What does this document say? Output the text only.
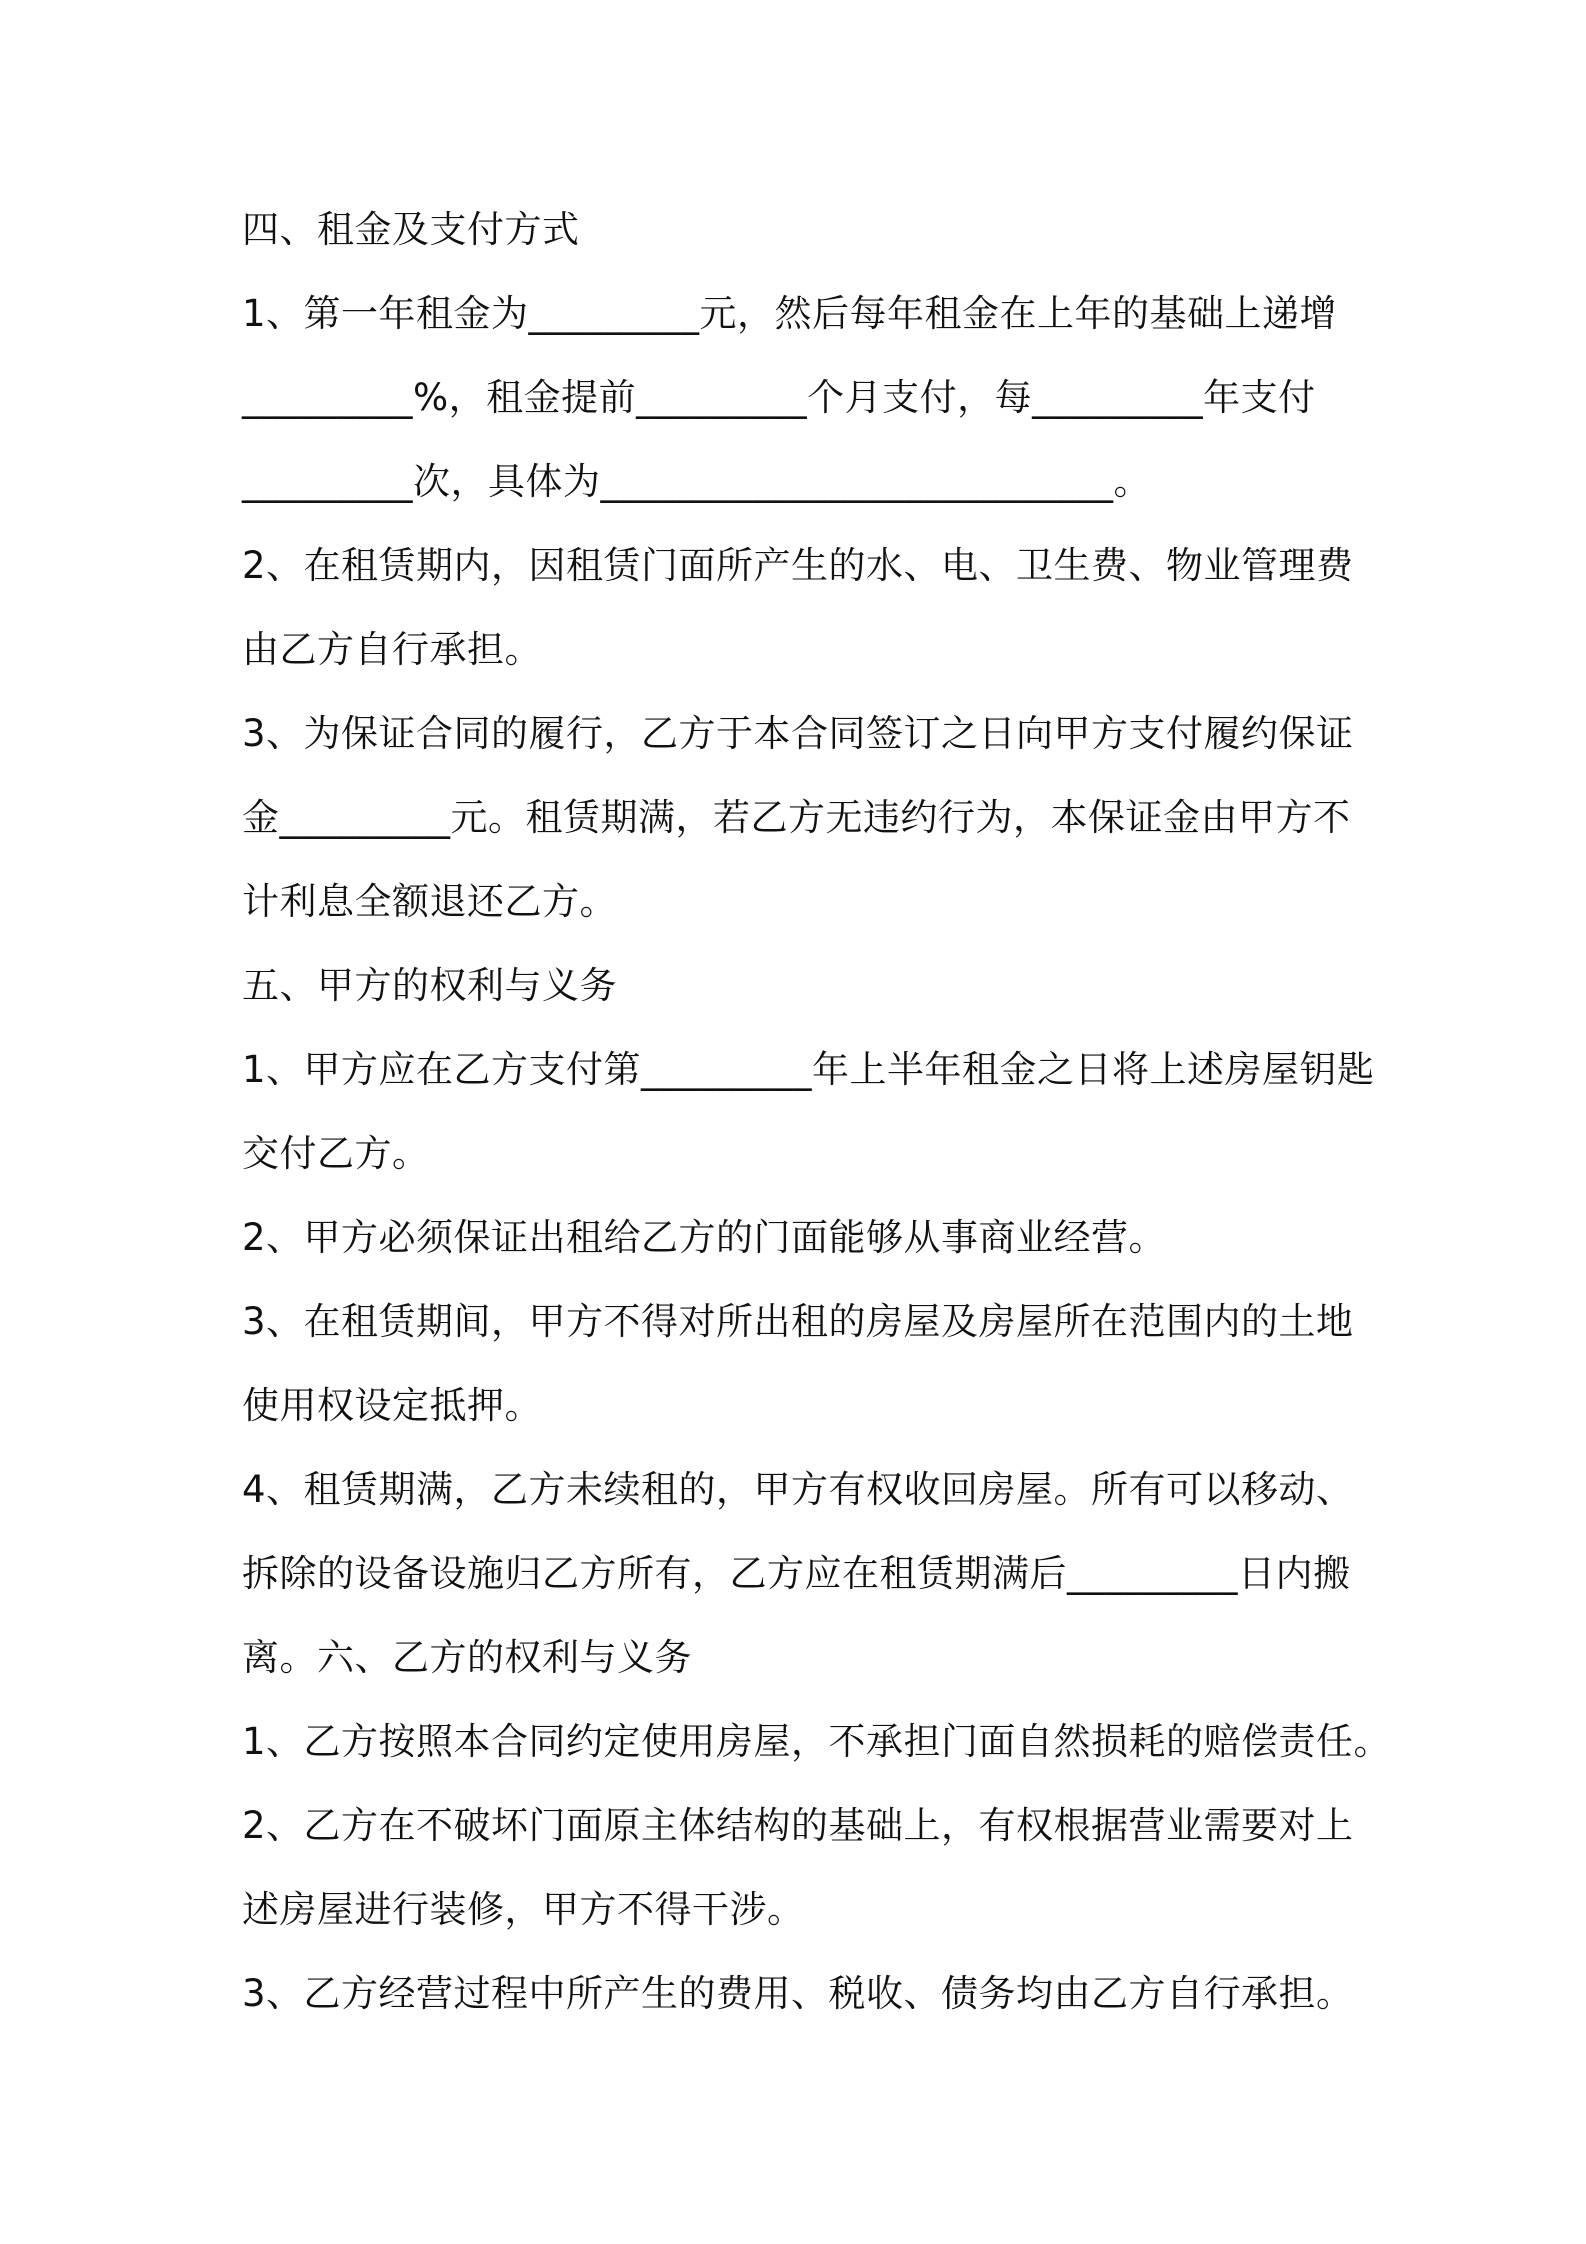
四、租金及支付方式
1、第一年租金为_________元，然后每年租金在上年的基础上递增
_________%，租金提前_________个月支付，每_________年支付
_________次，具体为___________________________。
2、在租赁期内，因租赁门面所产生的水、电、卫生费、物业管理费
由乙方自行承担。
3、为保证合同的履行，乙方于本合同签订之日向甲方支付履约保证
金_________元。租赁期满，若乙方无违约行为，本保证金由甲方不
计利息全额退还乙方。
五、甲方的权利与义务
1、甲方应在乙方支付第_________年上半年租金之日将上述房屋钥匙
交付乙方。
2、甲方必须保证出租给乙方的门面能够从事商业经营。
3、在租赁期间，甲方不得对所出租的房屋及房屋所在范围内的土地
使用权设定抵押。
4、租赁期满，乙方未续租的，甲方有权收回房屋。所有可以移动、
拆除的设备设施归乙方所有，乙方应在租赁期满后_________日内搬
离。六、乙方的权利与义务
1、乙方按照本合同约定使用房屋，不承担门面自然损耗的赔偿责任。
2、乙方在不破坏门面原主体结构的基础上，有权根据营业需要对上
述房屋进行装修，甲方不得干涉。
3、乙方经营过程中所产生的费用、税收、债务均由乙方自行承担。
